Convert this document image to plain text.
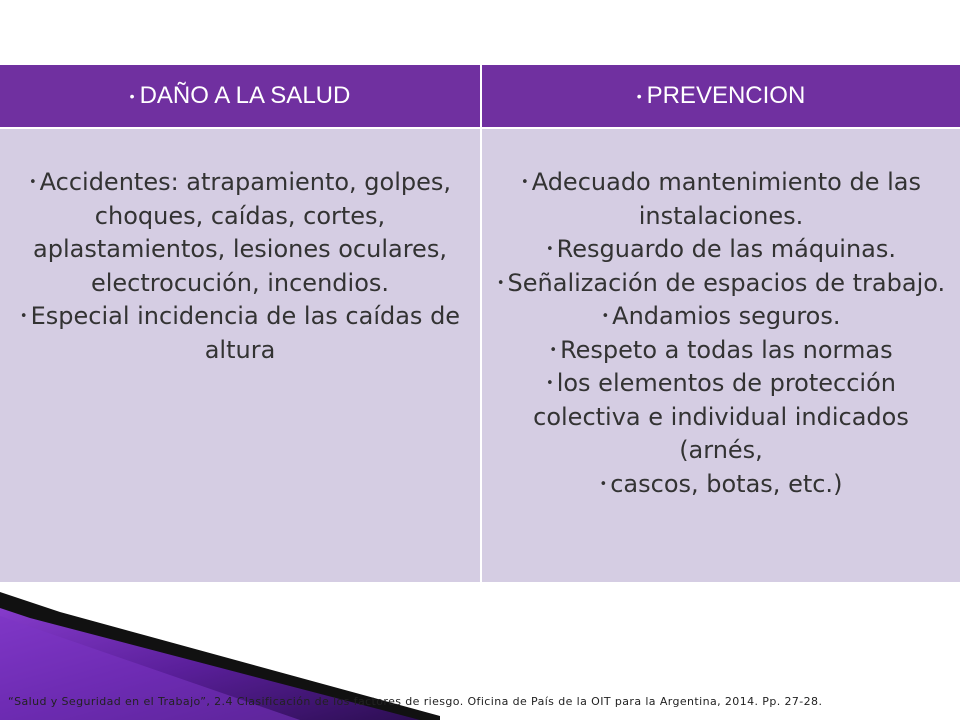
• DAÑO A LA SALUD	• PREVENCION

• Accidentes: atrapamiento, golpes, choques, caídas, cortes, aplastamientos, lesiones oculares, electrocución, incendios.

• Especial incidencia de las caídas de altura

• Adecuado mantenimiento de las instalaciones.

• Resguardo de las máquinas.

• Señalización de espacios de trabajo.

• Andamios seguros.

• Respeto a todas las normas

• los elementos de protección colectiva e individual indicados (arnés,

• cascos, botas, etc.)

“Salud y Seguridad en el Trabajo”, 2.4 Clasificación de los factores de riesgo. Oficina de País de la OIT para la Argentina, 2014. Pp. 27-28.
